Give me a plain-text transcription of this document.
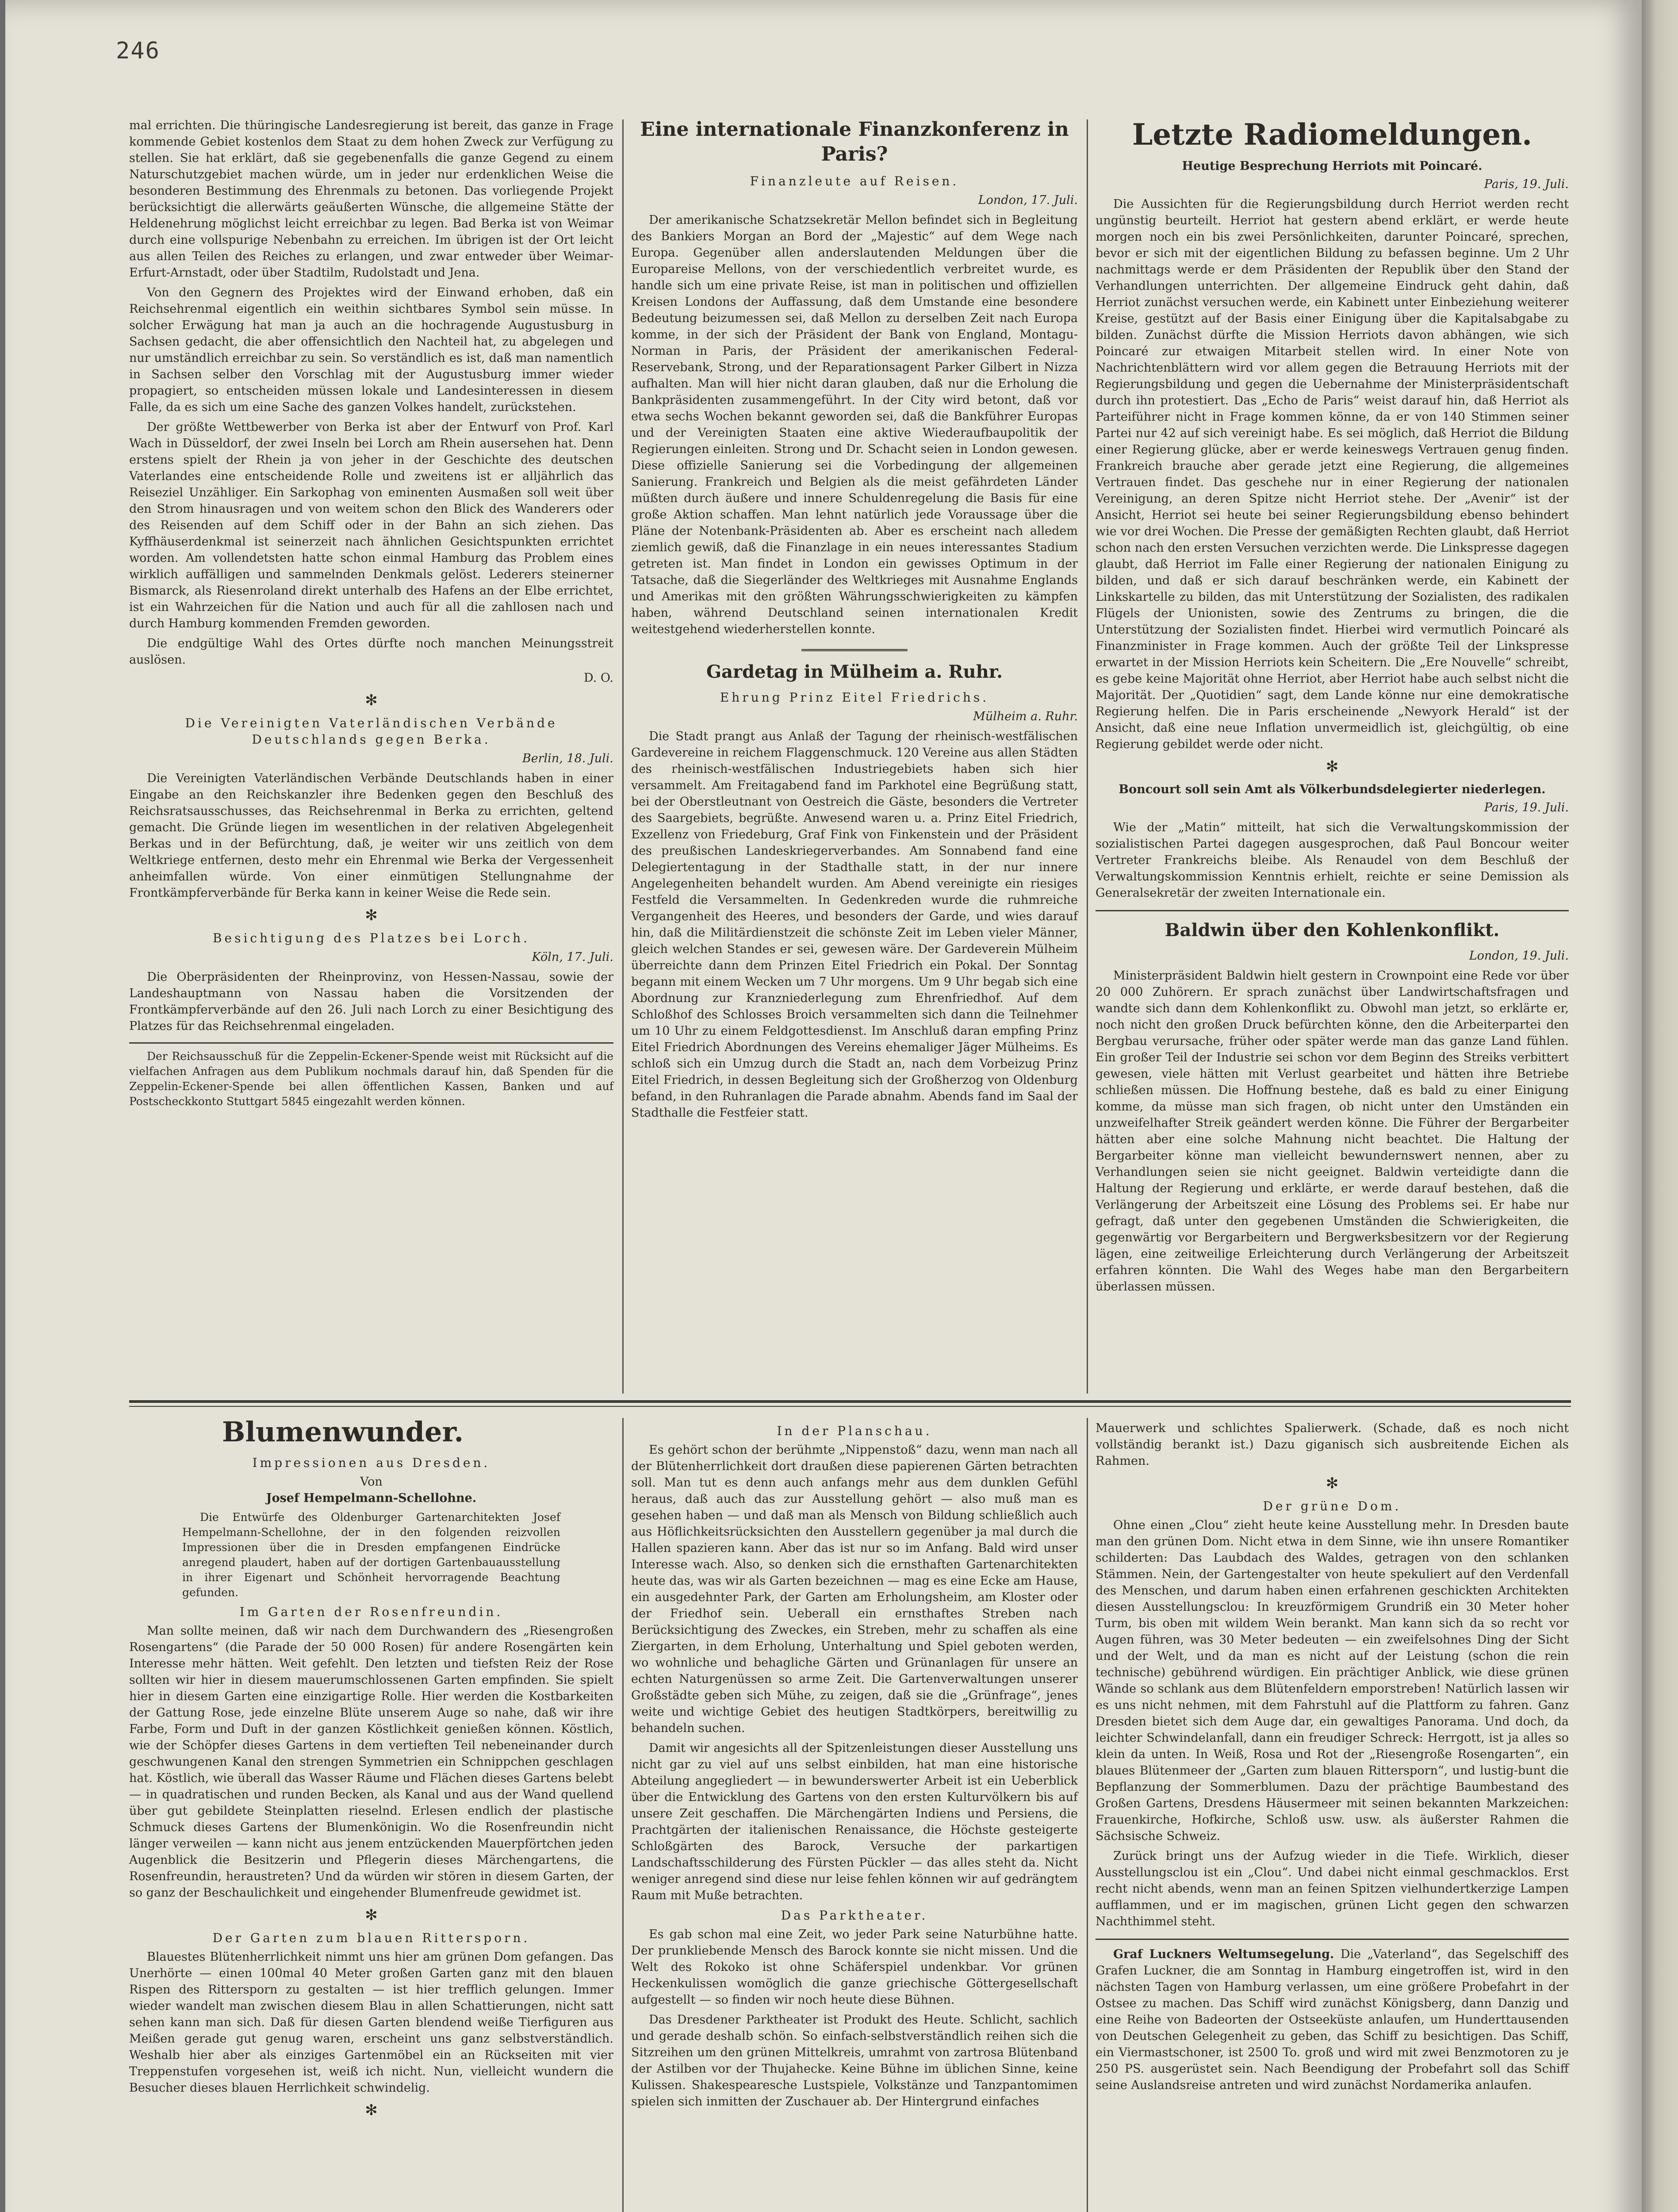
246

mal errichten. Die thüringische Landesregierung ist bereit, das ganze in Frage kommende Gebiet kostenlos dem Staat zu dem hohen Zweck zur Verfügung zu stellen. Sie hat erklärt, daß sie gegebenenfalls die ganze Gegend zu einem Naturschutzgebiet machen würde, um in jeder nur erdenklichen Weise die besonderen Bestimmung des Ehrenmals zu betonen. Das vorliegende Projekt berücksichtigt die allerwärts geäußerten Wünsche, die allgemeine Stätte der Heldenehrung möglichst leicht erreichbar zu legen. Bad Berka ist von Weimar durch eine vollspurige Nebenbahn zu erreichen. Im übrigen ist der Ort leicht aus allen Teilen des Reiches zu erlangen, und zwar entweder über Weimar-Erfurt-Arnstadt, oder über Stadtilm, Rudolstadt und Jena.

Von den Gegnern des Projektes wird der Einwand erhoben, daß ein Reichsehrenmal eigentlich ein weithin sichtbares Symbol sein müsse. In solcher Erwägung hat man ja auch an die hochragende Augustusburg in Sachsen gedacht, die aber offensichtlich den Nachteil hat, zu abgelegen und nur umständlich erreichbar zu sein. So verständlich es ist, daß man namentlich in Sachsen selber den Vorschlag mit der Augustusburg immer wieder propagiert, so entscheiden müssen lokale und Landesinteressen in diesem Falle, da es sich um eine Sache des ganzen Volkes handelt, zurückstehen.

Der größte Wettbewerber von Berka ist aber der Entwurf von Prof. Karl Wach in Düsseldorf, der zwei Inseln bei Lorch am Rhein ausersehen hat. Denn erstens spielt der Rhein ja von jeher in der Geschichte des deutschen Vaterlandes eine entscheidende Rolle und zweitens ist er alljährlich das Reiseziel Unzähliger. Ein Sarkophag von eminenten Ausmaßen soll weit über den Strom hinausragen und von weitem schon den Blick des Wanderers oder des Reisenden auf dem Schiff oder in der Bahn an sich ziehen. Das Kyffhäuserdenkmal ist seinerzeit nach ähnlichen Gesichtspunkten errichtet worden. Am vollendetsten hatte schon einmal Hamburg das Problem eines wirklich auffälligen und sammelnden Denkmals gelöst. Lederers steinerner Bismarck, als Riesenroland direkt unterhalb des Hafens an der Elbe errichtet, ist ein Wahrzeichen für die Nation und auch für all die zahllosen nach und durch Hamburg kommenden Fremden geworden.

Die endgültige Wahl des Ortes dürfte noch manchen Meinungsstreit auslösen.

D. O.
✻
Die Vereinigten Vaterländischen Verbände Deutschlands gegen Berka.
Berlin, 18. Juli.

Die Vereinigten Vaterländischen Verbände Deutschlands haben in einer Eingabe an den Reichskanzler ihre Bedenken gegen den Beschluß des Reichsratsausschusses, das Reichsehrenmal in Berka zu errichten, geltend gemacht. Die Gründe liegen im wesentlichen in der relativen Abgelegenheit Berkas und in der Befürchtung, daß, je weiter wir uns zeitlich von dem Weltkriege entfernen, desto mehr ein Ehrenmal wie Berka der Vergessenheit anheimfallen würde. Von einer einmütigen Stellungnahme der Frontkämpferverbände für Berka kann in keiner Weise die Rede sein.

✻
Besichtigung des Platzes bei Lorch.
Köln, 17. Juli.

Die Oberpräsidenten der Rheinprovinz, von Hessen-Nassau, sowie der Landeshauptmann von Nassau haben die Vorsitzenden der Frontkämpferverbände auf den 26. Juli nach Lorch zu einer Besichtigung des Platzes für das Reichsehrenmal eingeladen.

Der Reichsausschuß für die Zeppelin-Eckener-Spende weist mit Rücksicht auf die vielfachen Anfragen aus dem Publikum nochmals darauf hin, daß Spenden für die Zeppelin-Eckener-Spende bei allen öffentlichen Kassen, Banken und auf Postscheckkonto Stuttgart 5845 eingezahlt werden können.

Eine internationale Finanzkonferenz in Paris?
Finanzleute auf Reisen.
London, 17. Juli.

Der amerikanische Schatzsekretär Mellon befindet sich in Begleitung des Bankiers Morgan an Bord der „Majestic“ auf dem Wege nach Europa. Gegenüber allen anderslautenden Meldungen über die Europareise Mellons, von der verschiedentlich verbreitet wurde, es handle sich um eine private Reise, ist man in politischen und offiziellen Kreisen Londons der Auffassung, daß dem Umstande eine besondere Bedeutung beizumessen sei, daß Mellon zu derselben Zeit nach Europa komme, in der sich der Präsident der Bank von England, Montagu-Norman in Paris, der Präsident der amerikanischen Federal-Reservebank, Strong, und der Reparationsagent Parker Gilbert in Nizza aufhalten. Man will hier nicht daran glauben, daß nur die Erholung die Bankpräsidenten zusammengeführt. In der City wird betont, daß vor etwa sechs Wochen bekannt geworden sei, daß die Bankführer Europas und der Vereinigten Staaten eine aktive Wiederaufbaupolitik der Regierungen einleiten. Strong und Dr. Schacht seien in London gewesen. Diese offizielle Sanierung sei die Vorbedingung der allgemeinen Sanierung. Frankreich und Belgien als die meist gefährdeten Länder müßten durch äußere und innere Schuldenregelung die Basis für eine große Aktion schaffen. Man lehnt natürlich jede Voraussage über die Pläne der Notenbank-Präsidenten ab. Aber es erscheint nach alledem ziemlich gewiß, daß die Finanzlage in ein neues interessantes Stadium getreten ist. Man findet in London ein gewisses Optimum in der Tatsache, daß die Siegerländer des Weltkrieges mit Ausnahme Englands und Amerikas mit den größten Währungsschwierigkeiten zu kämpfen haben, während Deutschland seinen internationalen Kredit weitestgehend wiederherstellen konnte.

Gardetag in Mülheim a. Ruhr.
Ehrung Prinz Eitel Friedrichs.
Mülheim a. Ruhr.

Die Stadt prangt aus Anlaß der Tagung der rheinisch-westfälischen Gardevereine in reichem Flaggenschmuck. 120 Vereine aus allen Städten des rheinisch-westfälischen Industriegebiets haben sich hier versammelt. Am Freitagabend fand im Parkhotel eine Begrüßung statt, bei der Oberstleutnant von Oestreich die Gäste, besonders die Vertreter des Saargebiets, begrüßte. Anwesend waren u. a. Prinz Eitel Friedrich, Exzellenz von Friedeburg, Graf Fink von Finkenstein und der Präsident des preußischen Landeskriegerverbandes. Am Sonnabend fand eine Delegiertentagung in der Stadthalle statt, in der nur innere Angelegenheiten behandelt wurden. Am Abend vereinigte ein riesiges Festfeld die Versammelten. In Gedenkreden wurde die ruhmreiche Vergangenheit des Heeres, und besonders der Garde, und wies darauf hin, daß die Militärdienstzeit die schönste Zeit im Leben vieler Männer, gleich welchen Standes er sei, gewesen wäre. Der Gardeverein Mülheim überreichte dann dem Prinzen Eitel Friedrich ein Pokal. Der Sonntag begann mit einem Wecken um 7 Uhr morgens. Um 9 Uhr begab sich eine Abordnung zur Kranzniederlegung zum Ehrenfriedhof. Auf dem Schloßhof des Schlosses Broich versammelten sich dann die Teilnehmer um 10 Uhr zu einem Feldgottesdienst. Im Anschluß daran empfing Prinz Eitel Friedrich Abordnungen des Vereins ehemaliger Jäger Mülheims. Es schloß sich ein Umzug durch die Stadt an, nach dem Vorbeizug Prinz Eitel Friedrich, in dessen Begleitung sich der Großherzog von Oldenburg befand, in den Ruhranlagen die Parade abnahm. Abends fand im Saal der Stadthalle die Festfeier statt.

Letzte Radiomeldungen.
Heutige Besprechung Herriots mit Poincaré.
Paris, 19. Juli.

Die Aussichten für die Regierungsbildung durch Herriot werden recht ungünstig beurteilt. Herriot hat gestern abend erklärt, er werde heute morgen noch ein bis zwei Persönlichkeiten, darunter Poincaré, sprechen, bevor er sich mit der eigentlichen Bildung zu befassen beginne. Um 2 Uhr nachmittags werde er dem Präsidenten der Republik über den Stand der Verhandlungen unterrichten. Der allgemeine Eindruck geht dahin, daß Herriot zunächst versuchen werde, ein Kabinett unter Einbeziehung weiterer Kreise, gestützt auf der Basis einer Einigung über die Kapitalsabgabe zu bilden. Zunächst dürfte die Mission Herriots davon abhängen, wie sich Poincaré zur etwaigen Mitarbeit stellen wird. In einer Note von Nachrichtenblättern wird vor allem gegen die Betrauung Herriots mit der Regierungsbildung und gegen die Uebernahme der Ministerpräsidentschaft durch ihn protestiert. Das „Echo de Paris“ weist darauf hin, daß Herriot als Parteiführer nicht in Frage kommen könne, da er von 140 Stimmen seiner Partei nur 42 auf sich vereinigt habe. Es sei möglich, daß Herriot die Bildung einer Regierung glücke, aber er werde keineswegs Vertrauen genug finden. Frankreich brauche aber gerade jetzt eine Regierung, die allgemeines Vertrauen findet. Das geschehe nur in einer Regierung der nationalen Vereinigung, an deren Spitze nicht Herriot stehe. Der „Avenir“ ist der Ansicht, Herriot sei heute bei seiner Regierungsbildung ebenso behindert wie vor drei Wochen. Die Presse der gemäßigten Rechten glaubt, daß Herriot schon nach den ersten Versuchen verzichten werde. Die Linkspresse dagegen glaubt, daß Herriot im Falle einer Regierung der nationalen Einigung zu bilden, und daß er sich darauf beschränken werde, ein Kabinett der Linkskartelle zu bilden, das mit Unterstützung der Sozialisten, des radikalen Flügels der Unionisten, sowie des Zentrums zu bringen, die die Unterstützung der Sozialisten findet. Hierbei wird vermutlich Poincaré als Finanzminister in Frage kommen. Auch der größte Teil der Linkspresse erwartet in der Mission Herriots kein Scheitern. Die „Ere Nouvelle“ schreibt, es gebe keine Majorität ohne Herriot, aber Herriot habe auch selbst nicht die Majorität. Der „Quotidien“ sagt, dem Lande könne nur eine demokratische Regierung helfen. Die in Paris erscheinende „Newyork Herald“ ist der Ansicht, daß eine neue Inflation unvermeidlich ist, gleichgültig, ob eine Regierung gebildet werde oder nicht.

✻
Boncourt soll sein Amt als Völkerbundsdelegierter niederlegen.
Paris, 19. Juli.

Wie der „Matin“ mitteilt, hat sich die Verwaltungskommission der sozialistischen Partei dagegen ausgesprochen, daß Paul Boncour weiter Vertreter Frankreichs bleibe. Als Renaudel von dem Beschluß der Verwaltungskommission Kenntnis erhielt, reichte er seine Demission als Generalsekretär der zweiten Internationale ein.

Baldwin über den Kohlenkonflikt.
London, 19. Juli.

Ministerpräsident Baldwin hielt gestern in Crownpoint eine Rede vor über 20 000 Zuhörern. Er sprach zunächst über Landwirtschaftsfragen und wandte sich dann dem Kohlenkonflikt zu. Obwohl man jetzt, so erklärte er, noch nicht den großen Druck befürchten könne, den die Arbeiterpartei den Bergbau verursache, früher oder später werde man das ganze Land fühlen. Ein großer Teil der Industrie sei schon vor dem Beginn des Streiks verbittert gewesen, viele hätten mit Verlust gearbeitet und hätten ihre Betriebe schließen müssen. Die Hoffnung bestehe, daß es bald zu einer Einigung komme, da müsse man sich fragen, ob nicht unter den Umständen ein unzweifelhafter Streik geändert werden könne. Die Führer der Bergarbeiter hätten aber eine solche Mahnung nicht beachtet. Die Haltung der Bergarbeiter könne man vielleicht bewundernswert nennen, aber zu Verhandlungen seien sie nicht geeignet. Baldwin verteidigte dann die Haltung der Regierung und erklärte, er werde darauf bestehen, daß die Verlängerung der Arbeitszeit eine Lösung des Problems sei. Er habe nur gefragt, daß unter den gegebenen Umständen die Schwierigkeiten, die gegenwärtig vor Bergarbeitern und Bergwerksbesitzern vor der Regierung lägen, eine zeitweilige Erleichterung durch Verlängerung der Arbeitszeit erfahren könnten. Die Wahl des Weges habe man den Bergarbeitern überlassen müssen.

Blumenwunder.
Impressionen aus Dresden.
Von
Josef Hempelmann-Schellohne.

Die Entwürfe des Oldenburger Gartenarchitekten Josef Hempelmann-Schellohne, der in den folgenden reizvollen Impressionen über die in Dresden empfangenen Eindrücke anregend plaudert, haben auf der dortigen Gartenbauausstellung in ihrer Eigenart und Schönheit hervorragende Beachtung gefunden.

Im Garten der Rosenfreundin.

Man sollte meinen, daß wir nach dem Durchwandern des „Riesengroßen Rosengartens“ (die Parade der 50 000 Rosen) für andere Rosengärten kein Interesse mehr hätten. Weit gefehlt. Den letzten und tiefsten Reiz der Rose sollten wir hier in diesem mauerumschlossenen Garten empfinden. Sie spielt hier in diesem Garten eine einzigartige Rolle. Hier werden die Kostbarkeiten der Gattung Rose, jede einzelne Blüte unserem Auge so nahe, daß wir ihre Farbe, Form und Duft in der ganzen Köstlichkeit genießen können. Köstlich, wie der Schöpfer dieses Gartens in dem vertieften Teil nebeneinander durch geschwungenen Kanal den strengen Symmetrien ein Schnippchen geschlagen hat. Köstlich, wie überall das Wasser Räume und Flächen dieses Gartens belebt — in quadratischen und runden Becken, als Kanal und aus der Wand quellend über gut gebildete Steinplatten rieselnd. Erlesen endlich der plastische Schmuck dieses Gartens der Blumenkönigin. Wo die Rosenfreundin nicht länger verweilen — kann nicht aus jenem entzückenden Mauerpförtchen jeden Augenblick die Besitzerin und Pflegerin dieses Märchengartens, die Rosenfreundin, heraustreten? Und da würden wir stören in diesem Garten, der so ganz der Beschaulichkeit und eingehender Blumenfreude gewidmet ist.

✻
Der Garten zum blauen Rittersporn.

Blauestes Blütenherrlichkeit nimmt uns hier am grünen Dom gefangen. Das Unerhörte — einen 100mal 40 Meter großen Garten ganz mit den blauen Rispen des Rittersporn zu gestalten — ist hier trefflich gelungen. Immer wieder wandelt man zwischen diesem Blau in allen Schattierungen, nicht satt sehen kann man sich. Daß für diesen Garten blendend weiße Tierfiguren aus Meißen gerade gut genug waren, erscheint uns ganz selbstverständlich. Weshalb hier aber als einziges Gartenmöbel ein an Rückseiten mit vier Treppenstufen vorgesehen ist, weiß ich nicht. Nun, vielleicht wundern die Besucher dieses blauen Herrlichkeit schwindelig.

✻
In der Planschau.

Es gehört schon der berühmte „Nippenstoß“ dazu, wenn man nach all der Blütenherrlichkeit dort draußen diese papierenen Gärten betrachten soll. Man tut es denn auch anfangs mehr aus dem dunklen Gefühl heraus, daß auch das zur Ausstellung gehört — also muß man es gesehen haben — und daß man als Mensch von Bildung schließlich auch aus Höflichkeitsrücksichten den Ausstellern gegenüber ja mal durch die Hallen spazieren kann. Aber das ist nur so im Anfang. Bald wird unser Interesse wach. Also, so denken sich die ernsthaften Gartenarchitekten heute das, was wir als Garten bezeichnen — mag es eine Ecke am Hause, ein ausgedehnter Park, der Garten am Erholungsheim, am Kloster oder der Friedhof sein. Ueberall ein ernsthaftes Streben nach Berücksichtigung des Zweckes, ein Streben, mehr zu schaffen als eine Ziergarten, in dem Erholung, Unterhaltung und Spiel geboten werden, wo wohnliche und behagliche Gärten und Grünanlagen für unsere an echten Naturgenüssen so arme Zeit. Die Gartenverwaltungen unserer Großstädte geben sich Mühe, zu zeigen, daß sie die „Grünfrage“, jenes weite und wichtige Gebiet des heutigen Stadtkörpers, bereitwillig zu behandeln suchen.

Damit wir angesichts all der Spitzenleistungen dieser Ausstellung uns nicht gar zu viel auf uns selbst einbilden, hat man eine historische Abteilung angegliedert — in bewunderswerter Arbeit ist ein Ueberblick über die Entwicklung des Gartens von den ersten Kulturvölkern bis auf unsere Zeit geschaffen. Die Märchengärten Indiens und Persiens, die Prachtgärten der italienischen Renaissance, die Höchste gesteigerte Schloßgärten des Barock, Versuche der parkartigen Landschaftsschilderung des Fürsten Pückler — das alles steht da. Nicht weniger anregend sind diese nur leise fehlen können wir auf gedrängtem Raum mit Muße betrachten.

Das Parktheater.

Es gab schon mal eine Zeit, wo jeder Park seine Naturbühne hatte. Der prunkliebende Mensch des Barock konnte sie nicht missen. Und die Welt des Rokoko ist ohne Schäferspiel undenkbar. Vor grünen Heckenkulissen womöglich die ganze griechische Göttergesellschaft aufgestellt — so finden wir noch heute diese Bühnen.

Das Dresdener Parktheater ist Produkt des Heute. Schlicht, sachlich und gerade deshalb schön. So einfach-selbstverständlich reihen sich die Sitzreihen um den grünen Mittelkreis, umrahmt von zartrosa Blütenband der Astilben vor der Thujahecke. Keine Bühne im üblichen Sinne, keine Kulissen. Shakespearesche Lustspiele, Volkstänze und Tanzpantomimen spielen sich inmitten der Zuschauer ab. Der Hintergrund einfaches

Mauerwerk und schlichtes Spalierwerk. (Schade, daß es noch nicht vollständig berankt ist.) Dazu giganisch sich ausbreitende Eichen als Rahmen.

✻
Der grüne Dom.

Ohne einen „Clou“ zieht heute keine Ausstellung mehr. In Dresden baute man den grünen Dom. Nicht etwa in dem Sinne, wie ihn unsere Romantiker schilderten: Das Laubdach des Waldes, getragen von den schlanken Stämmen. Nein, der Gartengestalter von heute spekuliert auf den Verdenfall des Menschen, und darum haben einen erfahrenen geschickten Architekten diesen Ausstellungsclou: In kreuzförmigem Grundriß ein 30 Meter hoher Turm, bis oben mit wildem Wein berankt. Man kann sich da so recht vor Augen führen, was 30 Meter bedeuten — ein zweifelsohnes Ding der Sicht und der Welt, und da man es nicht auf der Leistung (schon die rein technische) gebührend würdigen. Ein prächtiger Anblick, wie diese grünen Wände so schlank aus dem Blütenfeldern emporstreben! Natürlich lassen wir es uns nicht nehmen, mit dem Fahrstuhl auf die Plattform zu fahren. Ganz Dresden bietet sich dem Auge dar, ein gewaltiges Panorama. Und doch, da leichter Schwindelanfall, dann ein freudiger Schreck: Herrgott, ist ja alles so klein da unten. In Weiß, Rosa und Rot der „Riesengroße Rosengarten“, ein blaues Blütenmeer der „Garten zum blauen Rittersporn“, und lustig-bunt die Bepflanzung der Sommerblumen. Dazu der prächtige Baumbestand des Großen Gartens, Dresdens Häusermeer mit seinen bekannten Markzeichen: Frauenkirche, Hofkirche, Schloß usw. usw. als äußerster Rahmen die Sächsische Schweiz.

Zurück bringt uns der Aufzug wieder in die Tiefe. Wirklich, dieser Ausstellungsclou ist ein „Clou“. Und dabei nicht einmal geschmacklos. Erst recht nicht abends, wenn man an feinen Spitzen vielhundertkerzige Lampen aufflammen, und er im magischen, grünen Licht gegen den schwarzen Nachthimmel steht.

Graf Luckners Weltumsegelung. Die „Vaterland“, das Segelschiff des Grafen Luckner, die am Sonntag in Hamburg eingetroffen ist, wird in den nächsten Tagen von Hamburg verlassen, um eine größere Probefahrt in der Ostsee zu machen. Das Schiff wird zunächst Königsberg, dann Danzig und eine Reihe von Badeorten der Ostseeküste anlaufen, um Hunderttausenden von Deutschen Gelegenheit zu geben, das Schiff zu besichtigen. Das Schiff, ein Viermastschoner, ist 2500 To. groß und wird mit zwei Benzmotoren zu je 250 PS. ausgerüstet sein. Nach Beendigung der Probefahrt soll das Schiff seine Auslandsreise antreten und wird zunächst Nordamerika anlaufen.
